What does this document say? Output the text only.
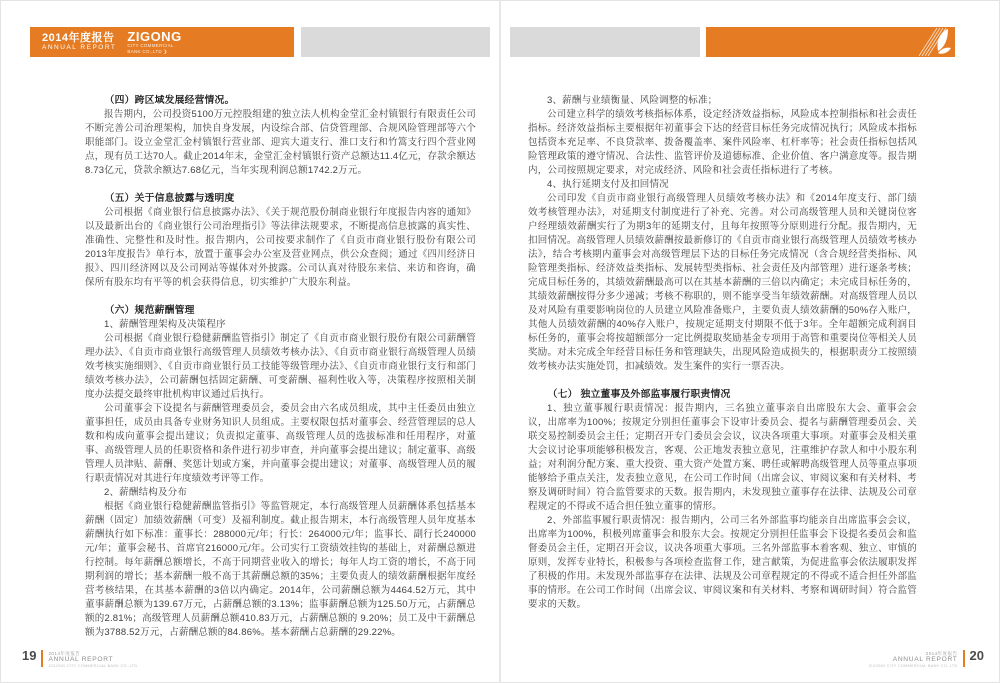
2014年度报告
ANNUAL REPORT
ZIGONG
CITY COMMERCIAL
BANK CO.,LTD ❯
（四）跨区域发展经营情况。

报告期内，公司投资5100万元控股组建的独立法人机构金堂汇金村镇银行有限责任公司不断完善公司治理架构，加快自身发展，内设综合部、信贷管理部、合规风险管理部等六个职能部门。设立金堂汇金村镇银行营业部、迎宾大道支行、淮口支行和竹篙支行四个营业网点，现有员工达70人。截止2014年末，金堂汇金村镇银行资产总额达11.4亿元，存款余额达8.73亿元，贷款余额达7.68亿元，当年实现利润总额1742.2万元。

（五）关于信息披露与透明度

公司根据《商业银行信息披露办法》、《关于规范股份制商业银行年度报告内容的通知》以及最新出台的《商业银行公司治理指引》等法律法规要求，不断提高信息披露的真实性、准确性、完整性和及时性。报告期内，公司按要求制作了《自贡市商业银行股份有限公司2013年度报告》单行本，放置于董事会办公室及营业网点，供公众查阅；通过《四川经济日报》、四川经济网以及公司网站等媒体对外披露。公司认真对待股东来信、来访和咨询，确保所有股东均有平等的机会获得信息，切实维护广大股东利益。

（六）规范薪酬管理
1、薪酬管理架构及决策程序

公司根据《商业银行稳健薪酬监管指引》制定了《自贡市商业银行股份有限公司薪酬管理办法》、《自贡市商业银行高级管理人员绩效考核办法》、《自贡市商业银行高级管理人员绩效考核实施细则》、《自贡市商业银行员工技能等级管理办法》、《自贡市商业银行支行和部门绩效考核办法》，公司薪酬包括固定薪酬、可变薪酬、福利性收入等，决策程序按照相关制度办法提交最终审批机构审议通过后执行。

公司董事会下设提名与薪酬管理委员会，委员会由六名成员组成，其中主任委员由独立董事担任，成员由具备专业财务知识人员组成。主要权限包括对董事会、经营管理层的总人数和构成向董事会提出建议；负责拟定董事、高级管理人员的选拔标准和任用程序，对董事、高级管理人员的任职资格和条件进行初步审查，并向董事会提出建议；制定董事、高级管理人员津贴、薪酬、奖惩计划或方案，并向董事会提出建议；对董事、高级管理人员的履行职责情况对其进行年度绩效考评等工作。

2、薪酬结构及分布

根据《商业银行稳健薪酬监管指引》等监管规定，本行高级管理人员薪酬体系包括基本薪酬（固定）加绩效薪酬（可变）及福利制度。截止报告期末，本行高级管理人员年度基本薪酬执行如下标准：董事长：288000元/年；行长：264000元/年；监事长、副行长240000元/年；董事会秘书、首席官216000元/年。公司实行工资绩效挂钩的基础上，对薪酬总额进行控制。每年薪酬总额增长，不高于同期营业收入的增长；每年人均工资的增长，不高于同期利润的增长；基本薪酬一般不高于其薪酬总额的35%；主要负责人的绩效薪酬根据年度经营考核结果，在其基本薪酬的3倍以内确定。2014年，公司薪酬总额为4464.52万元，其中董事薪酬总额为139.67万元，占薪酬总额的3.13%；监事薪酬总额为125.50万元，占薪酬总额的2.81%；高级管理人员薪酬总额410.83万元，占薪酬总额的 9.20%；员工及中干薪酬总额为3788.52万元，占薪酬总额的84.86%。基本薪酬占总薪酬的29.22%。

3、薪酬与业绩衡量、风险调整的标准；

公司建立科学的绩效考核指标体系，设定经济效益指标，风险成本控制指标和社会责任指标。经济效益指标主要根据年初董事会下达的经营目标任务完成情况执行；风险成本指标包括资本充足率、不良贷款率、拨备覆盖率、案件风险率、杠杆率等；社会责任指标包括风险管理政策的遵守情况、合法性、监管评价及道德标准、企业价值、客户满意度等。报告期内，公司按照规定要求，对完成经济、风险和社会责任指标进行了考核。

4、执行延期支付及扣回情况

公司印发《自贡市商业银行高级管理人员绩效考核办法》和《2014年度支行、部门绩效考核管理办法》，对延期支付制度进行了补充、完善。对公司高级管理人员和关键岗位客户经理绩效薪酬实行了为期3年的延期支付，且每年按照等分原则进行分配。报告期内，无扣回情况。高级管理人员绩效薪酬按最新修订的《自贡市商业银行高级管理人员绩效考核办法》，结合考核期内董事会对高级管理层下达的目标任务完成情况（含合规经营类指标、风险管理类指标、经济效益类指标、发展转型类指标、社会责任及内部管理）进行逐条考核；完成目标任务的，其绩效薪酬最高可以在其基本薪酬的三倍以内确定；未完成目标任务的，其绩效薪酬按得分多少递减；考核不称职的，则不能享受当年绩效薪酬。对高级管理人员以及对风险有重要影响岗位的人员建立风险准备账户，主要负责人绩效薪酬的50%存入账户，其他人员绩效薪酬的40%存入账户，按规定延期支付期限不低于3年。全年超额完成利润目标任务的，董事会将按超额部分一定比例提取奖励基金专项用于高管和重要岗位等相关人员奖励。对未完成全年经营目标任务和管理缺失，出现风险造成损失的，根据职责分工按照绩效考核办法实施处罚，扣减绩效。发生案件的实行一票否决。

（七） 独立董事及外部监事履行职责情况

1、独立董事履行职责情况：报告期内，三名独立董事亲自出席股东大会、董事会会议，出席率为100%；按规定分别担任董事会下设审计委员会、提名与薪酬管理委员会、关联交易控制委员会主任；定期召开专门委员会会议，议决各项重大事项。对董事会及相关重大会议讨论事项能够积极发言，客观、公正地发表独立意见，注重维护存款人和中小股东利益；对利润分配方案、重大投资、重大资产处置方案、聘任或解聘高级管理人员等重点事项能够给予重点关注，发表独立意见，在公司工作时间（出席会议、审阅议案和有关材料、考察及调研时间）符合监管要求的天数。报告期内，未发现独立董事存在法律、法规及公司章程规定的不得或不适合担任独立董事的情形。

2、外部监事履行职责情况：报告期内，公司三名外部监事均能亲自出席监事会会议，出席率为100%，积极列席董事会和股东大会。按规定分别担任监事会下设提名委员会和监督委员会主任，定期召开会议，议决各项重大事项。三名外部监事本着客观、独立、审慎的原则，发挥专业特长，积极参与各项检查监督工作，建言献策，为促进监事会依法履职发挥了积极的作用。未发现外部监事存在法律、法规及公司章程规定的不得或不适合担任外部监事的情形。在公司工作时间（出席会议、审阅议案和有关材料、考察和调研时间）符合监管要求的天数。

19	2014年度报告
ANNUAL REPORT
ZIGONG CITY COMMERCIAL BANK CO.,LTD
2014年度报告
ANNUAL REPORT
ZIGONG CITY COMMERCIAL BANK CO.,LTD
20
